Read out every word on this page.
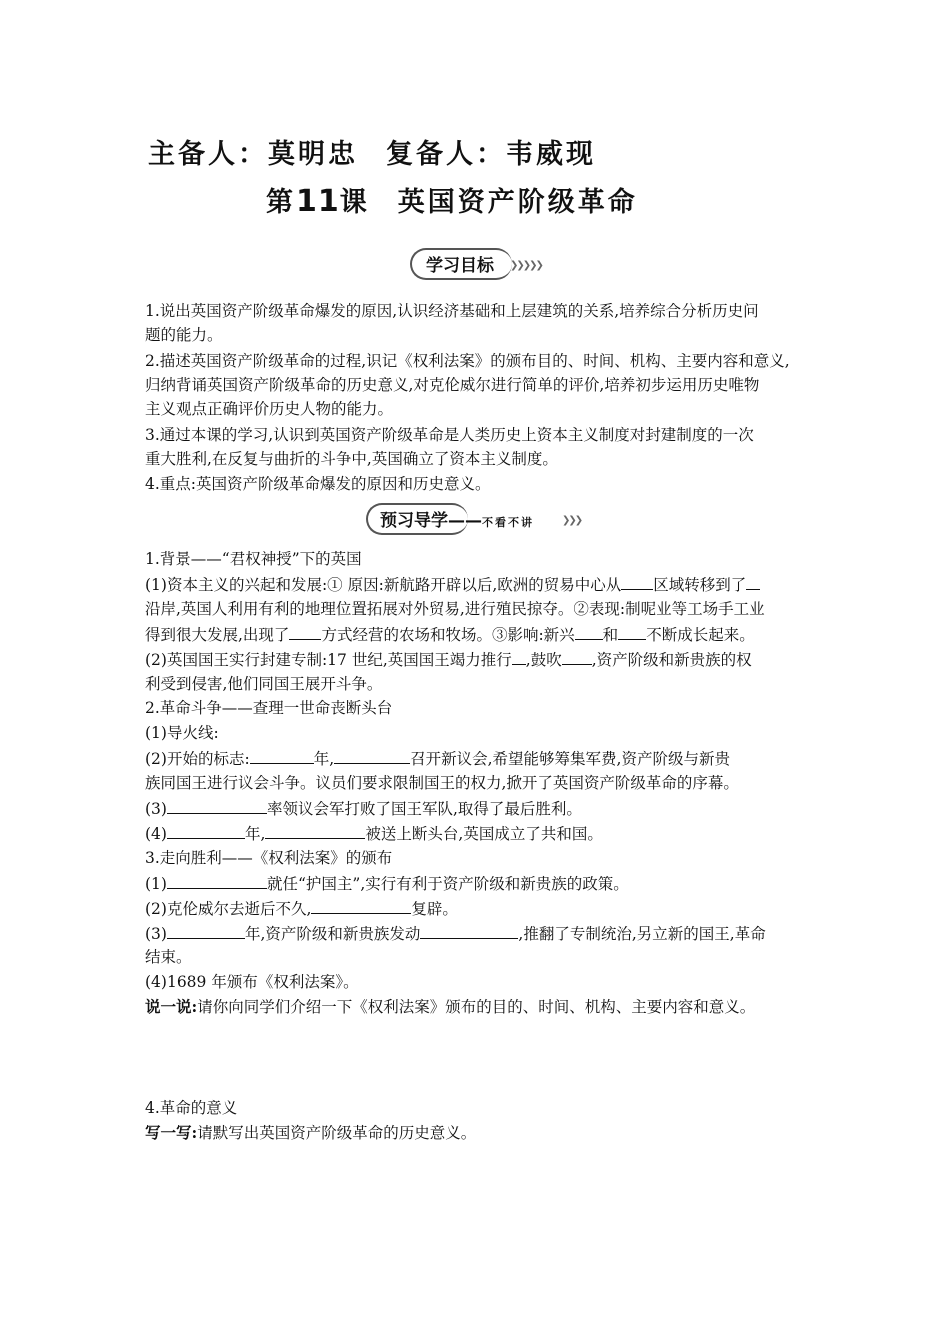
主备人：莫明忠 复备人：韦威现
第11课 英国资产阶级革命
学习目标 ❯❯❯❯❯
1.说出英国资产阶级革命爆发的原因,认识经济基础和上层建筑的关系,培养综合分析历史问
题的能力。
2.描述英国资产阶级革命的过程,识记《权利法案》的颁布目的、时间、机构、主要内容和意义,
归纳背诵英国资产阶级革命的历史意义,对克伦威尔进行简单的评价,培养初步运用历史唯物
主义观点正确评价历史人物的能力。
3.通过本课的学习,认识到英国资产阶级革命是人类历史上资本主义制度对封建制度的一次
重大胜利,在反复与曲折的斗争中,英国确立了资本主义制度。
4.重点:英国资产阶级革命爆发的原因和历史意义。
预习导学——不看不讲	❯❯❯
1.背景——“君权神授”下的英国
(1)资本主义的兴起和发展:① 原因:新航路开辟以后,欧洲的贸易中心从 区域转移到了
沿岸,英国人利用有利的地理位置拓展对外贸易,进行殖民掠夺。②表现:制呢业等工场手工业
得到很大发展,出现了 方式经营的农场和牧场。③影响:新兴 和 不断成长起来。
(2)英国国王实行封建专制:17 世纪,英国国王竭力推行 ,鼓吹 ,资产阶级和新贵族的权
利受到侵害,他们同国王展开斗争。
2.革命斗争——查理一世命丧断头台
(1)导火线:
(2)开始的标志:	年,	召开新议会,希望能够筹集军费,资产阶级与新贵
族同国王进行议会斗争。议员们要求限制国王的权力,掀开了英国资产阶级革命的序幕。
(3)	率领议会军打败了国王军队,取得了最后胜利。
(4)	年,	被送上断头台,英国成立了共和国。
3.走向胜利——《权利法案》的颁布
(1)	就任“护国主”,实行有利于资产阶级和新贵族的政策。
(2)克伦威尔去逝后不久,	复辟。
(3)	年,资产阶级和新贵族发动	,推翻了专制统治,另立新的国王,革命
结束。
(4)1689 年颁布《权利法案》。
说一说:请你向同学们介绍一下《权利法案》颁布的目的、时间、机构、主要内容和意义。
4.革命的意义
写一写:请默写出英国资产阶级革命的历史意义。
